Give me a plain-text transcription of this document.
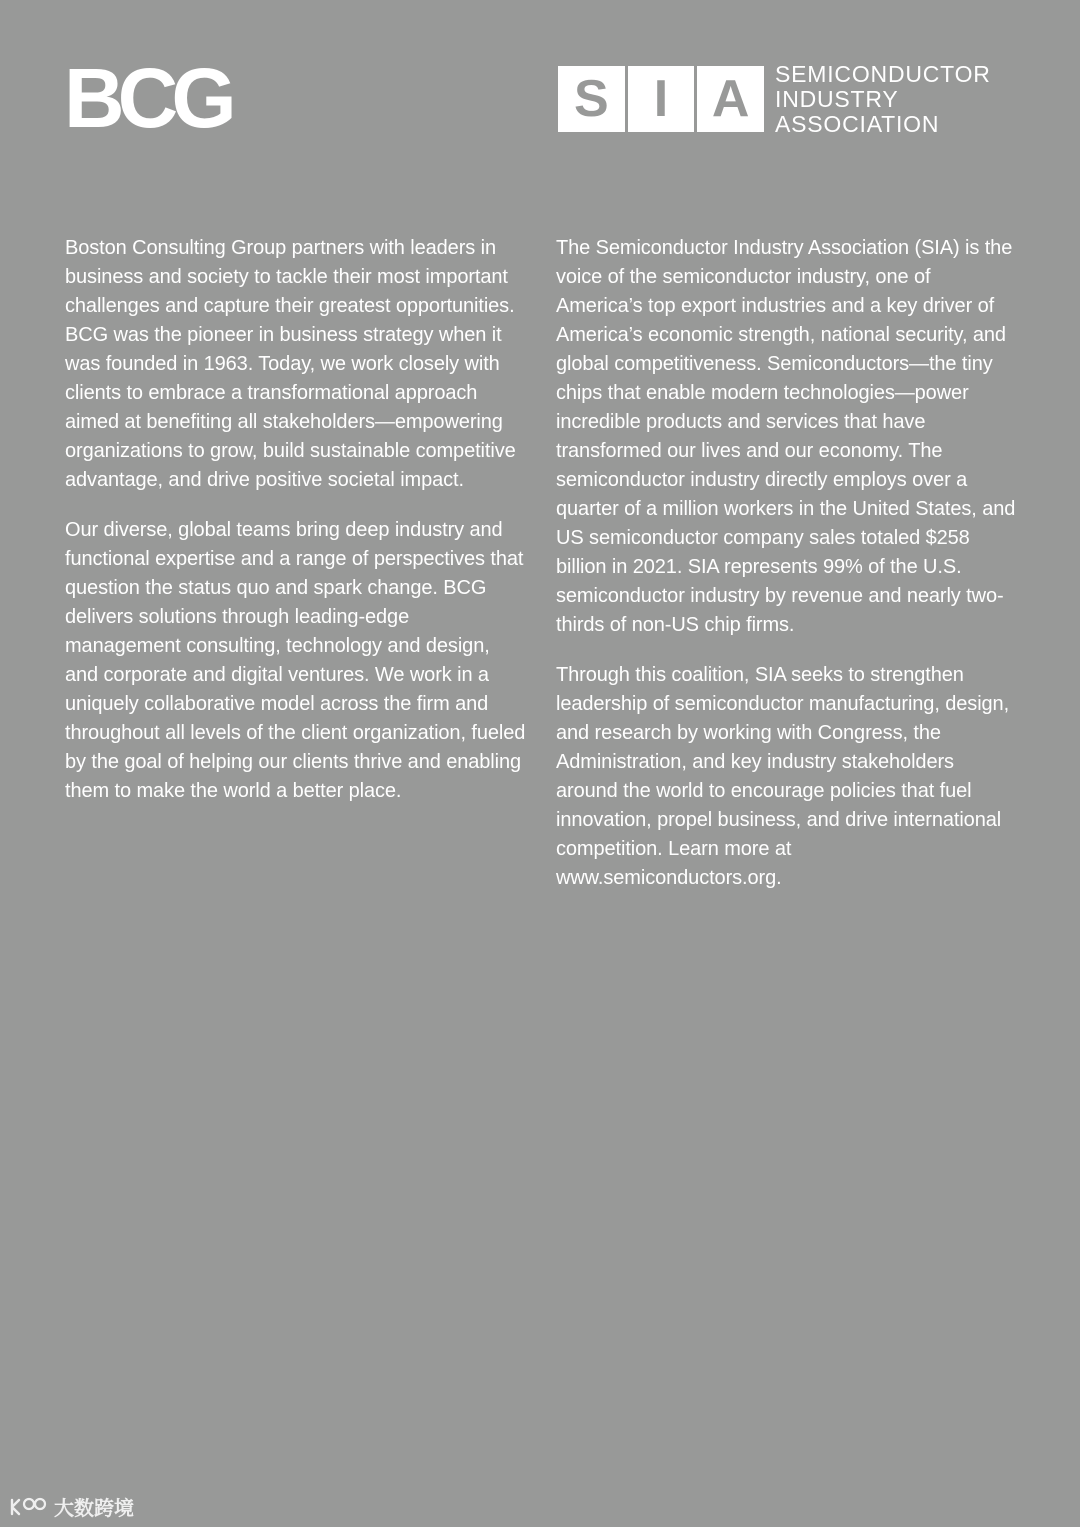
BCG	S I A	SEMICONDUCTOR
INDUSTRY
ASSOCIATION

Boston Consulting Group partners with leaders in business and society to tackle their most important challenges and capture their greatest opportunities. BCG was the pioneer in business strategy when it was founded in 1963. Today, we work closely with clients to embrace a transformational approach aimed at benefiting all stakeholders—empowering organizations to grow, build sustainable competitive advantage, and drive positive societal impact.

Our diverse, global teams bring deep industry and functional expertise and a range of perspectives that question the status quo and spark change. BCG delivers solutions through leading-edge management consulting, technology and design, and corporate and digital ventures. We work in a uniquely collaborative model across the firm and throughout all levels of the client organization, fueled by the goal of helping our clients thrive and enabling them to make the world a better place.

The Semiconductor Industry Association (SIA) is the voice of the semiconductor industry, one of America’s top export industries and a key driver of America’s economic strength, national security, and global competitiveness. Semiconductors—the tiny chips that enable modern technologies—power incredible products and services that have transformed our lives and our economy. The semiconductor industry directly employs over a quarter of a million workers in the United States, and US semiconductor company sales totaled $258 billion in 2021. SIA represents 99% of the U.S. semiconductor industry by revenue and nearly two-thirds of non-US chip firms.

Through this coalition, SIA seeks to strengthen leadership of semiconductor manufacturing, design, and research by working with Congress, the Administration, and key industry stakeholders around the world to encourage policies that fuel innovation, propel business, and drive international competition. Learn more at www.semiconductors.org.

大数跨境
